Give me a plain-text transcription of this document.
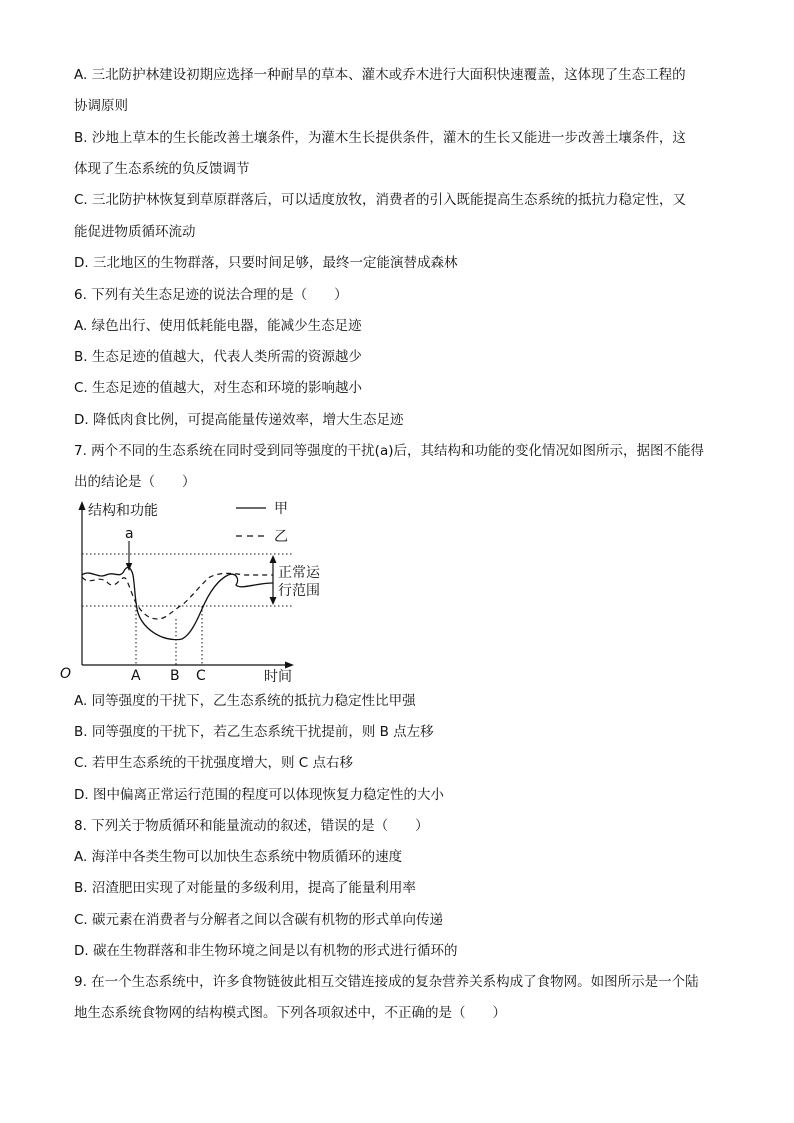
A. 三北防护林建设初期应选择一种耐旱的草本、灌木或乔木进行大面积快速覆盖，这体现了生态工程的
协调原则
B. 沙地上草本的生长能改善土壤条件，为灌木生长提供条件，灌木的生长又能进一步改善土壤条件，这
体现了生态系统的负反馈调节
C. 三北防护林恢复到草原群落后，可以适度放牧，消费者的引入既能提高生态系统的抵抗力稳定性，又
能促进物质循环流动
D. 三北地区的生物群落，只要时间足够，最终一定能演替成森林
6. 下列有关生态足迹的说法合理的是（　　）
A. 绿色出行、使用低耗能电器，能减少生态足迹
B. 生态足迹的值越大，代表人类所需的资源越少
C. 生态足迹的值越大，对生态和环境的影响越小
D. 降低肉食比例，可提高能量传递效率，增大生态足迹
7. 两个不同的生态系统在同时受到同等强度的干扰(a)后，其结构和功能的变化情况如图所示，据图不能得
出的结论是（　　）
结构和功能
时间
O
甲
乙
正常运
行范围
a
A B C
A. 同等强度的干扰下，乙生态系统的抵抗力稳定性比甲强
B. 同等强度的干扰下，若乙生态系统干扰提前，则 B 点左移
C. 若甲生态系统的干扰强度增大，则 C 点右移
D. 图中偏离正常运行范围的程度可以体现恢复力稳定性的大小
8. 下列关于物质循环和能量流动的叙述，错误的是（　　）
A. 海洋中各类生物可以加快生态系统中物质循环的速度
B. 沼渣肥田实现了对能量的多级利用，提高了能量利用率
C. 碳元素在消费者与分解者之间以含碳有机物的形式单向传递
D. 碳在生物群落和非生物环境之间是以有机物的形式进行循环的
9. 在一个生态系统中，许多食物链彼此相互交错连接成的复杂营养关系构成了食物网。如图所示是一个陆
地生态系统食物网的结构模式图。下列各项叙述中，不正确的是（　　）
